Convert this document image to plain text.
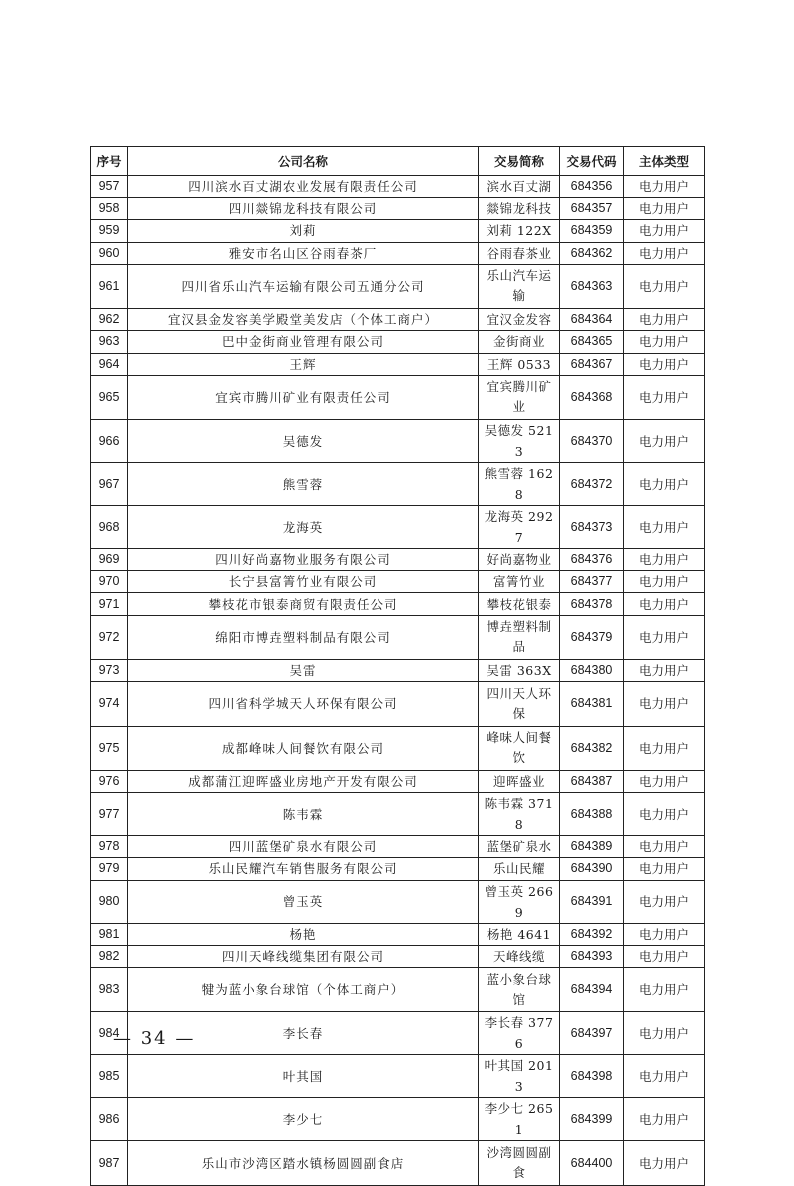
序号	公司名称	交易简称	交易代码	主体类型
957	四川滨水百丈湖农业发展有限责任公司	滨水百丈湖	684356	电力用户
958	四川燚锦龙科技有限公司	燚锦龙科技	684357	电力用户
959	刘莉	刘莉 122X	684359	电力用户
960	雅安市名山区谷雨春茶厂	谷雨春茶业	684362	电力用户
961	四川省乐山汽车运输有限公司五通分公司	乐山汽车运输	684363	电力用户
962	宜汉县金发容美学殿堂美发店（个体工商户）	宜汉金发容	684364	电力用户
963	巴中金街商业管理有限公司	金街商业	684365	电力用户
964	王辉	王辉 0533	684367	电力用户
965	宜宾市腾川矿业有限责任公司	宜宾腾川矿业	684368	电力用户
966	吴德发	吴德发 5213	684370	电力用户
967	熊雪蓉	熊雪蓉 1628	684372	电力用户
968	龙海英	龙海英 2927	684373	电力用户
969	四川好尚嘉物业服务有限公司	好尚嘉物业	684376	电力用户
970	长宁县富箐竹业有限公司	富箐竹业	684377	电力用户
971	攀枝花市银泰商贸有限责任公司	攀枝花银泰	684378	电力用户
972	绵阳市博垚塑料制品有限公司	博垚塑料制品	684379	电力用户
973	吴雷	吴雷 363X	684380	电力用户
974	四川省科学城天人环保有限公司	四川天人环保	684381	电力用户
975	成都峰味人间餐饮有限公司	峰味人间餐饮	684382	电力用户
976	成都蒲江迎晖盛业房地产开发有限公司	迎晖盛业	684387	电力用户
977	陈韦霖	陈韦霖 3718	684388	电力用户
978	四川蓝堡矿泉水有限公司	蓝堡矿泉水	684389	电力用户
979	乐山民耀汽车销售服务有限公司	乐山民耀	684390	电力用户
980	曾玉英	曾玉英 2669	684391	电力用户
981	杨艳	杨艳 4641	684392	电力用户
982	四川天峰线缆集团有限公司	天峰线缆	684393	电力用户
983	犍为蓝小象台球馆（个体工商户）	蓝小象台球馆	684394	电力用户
984	李长春	李长春 3776	684397	电力用户
985	叶其国	叶其国 2013	684398	电力用户
986	李少七	李少七 2651	684399	电力用户
987	乐山市沙湾区踏水镇杨圆圆副食店	沙湾圆圆副食	684400	电力用户
— 34 —
